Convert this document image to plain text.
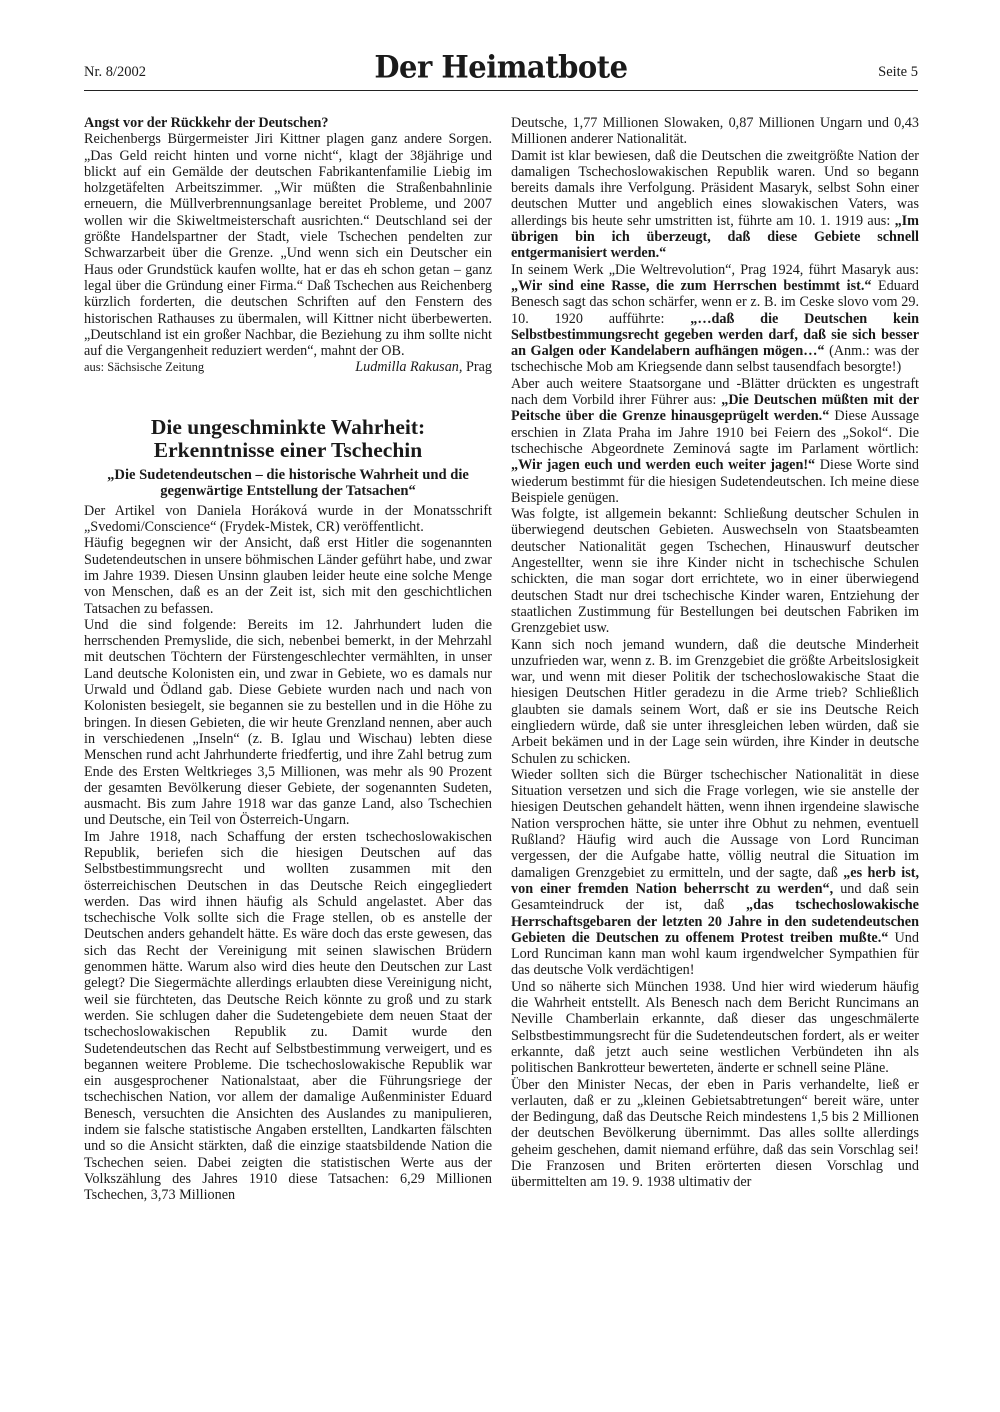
Nr. 8/2002	Der Heimatbote	Seite 5

Angst vor der Rückkehr der Deutschen?

Reichenbergs Bürgermeister Jiri Kittner plagen ganz andere Sorgen. „Das Geld reicht hinten und vorne nicht“, klagt der 38jährige und blickt auf ein Gemälde der deutschen Fabrikantenfamilie Liebig im holzgetäfelten Arbeitszimmer. „Wir müßten die Straßenbahnlinie erneuern, die Müllverbrennungsanlage bereitet Probleme, und 2007 wollen wir die Skiweltmeisterschaft ausrichten.“ Deutschland sei der größte Handelspartner der Stadt, viele Tschechen pendelten zur Schwarzarbeit über die Grenze. „Und wenn sich ein Deutscher ein Haus oder Grundstück kaufen wollte, hat er das eh schon getan – ganz legal über die Gründung einer Firma.“ Daß Tschechen aus Reichenberg kürzlich forderten, die deutschen Schriften auf den Fenstern des historischen Rathauses zu übermalen, will Kittner nicht überbewerten. „Deutschland ist ein großer Nachbar, die Beziehung zu ihm sollte nicht auf die Vergangenheit reduziert werden“, mahnt der OB.

aus: Sächsische Zeitung	Ludmilla Rakusan, Prag
Die ungeschminkte Wahrheit:
Erkenntnisse einer Tschechin
„Die Sudetendeutschen – die historische Wahrheit und die gegenwärtige Entstellung der Tatsachen“

Der Artikel von Daniela Horáková wurde in der Monatsschrift „Svedomi/Conscience“ (Frydek-Mistek, CR) veröffentlicht.

Häufig begegnen wir der Ansicht, daß erst Hitler die sogenannten Sudetendeutschen in unsere böhmischen Länder geführt habe, und zwar im Jahre 1939. Diesen Unsinn glauben leider heute eine solche Menge von Menschen, daß es an der Zeit ist, sich mit den geschichtlichen Tatsachen zu befassen.

Und die sind folgende: Bereits im 12. Jahrhundert luden die herrschenden Premyslide, die sich, nebenbei bemerkt, in der Mehrzahl mit deutschen Töchtern der Fürstengeschlechter vermählten, in unser Land deutsche Kolonisten ein, und zwar in Gebiete, wo es damals nur Urwald und Ödland gab. Diese Gebiete wurden nach und nach von Kolonisten besiegelt, sie begannen sie zu bestellen und in die Höhe zu bringen. In diesen Gebieten, die wir heute Grenzland nennen, aber auch in verschiedenen „Inseln“ (z. B. Iglau und Wischau) lebten diese Menschen rund acht Jahrhunderte friedfertig, und ihre Zahl betrug zum Ende des Ersten Weltkrieges 3,5 Millionen, was mehr als 90 Prozent der gesamten Bevölkerung dieser Gebiete, der sogenannten Sudeten, ausmacht. Bis zum Jahre 1918 war das ganze Land, also Tschechien und Deutsche, ein Teil von Österreich-Ungarn.

Im Jahre 1918, nach Schaffung der ersten tschechoslowakischen Republik, beriefen sich die hiesigen Deutschen auf das Selbstbestimmungsrecht und wollten zusammen mit den österreichischen Deutschen in das Deutsche Reich eingegliedert werden. Das wird ihnen häufig als Schuld angelastet. Aber das tschechische Volk sollte sich die Frage stellen, ob es anstelle der Deutschen anders gehandelt hätte. Es wäre doch das erste gewesen, das sich das Recht der Vereinigung mit seinen slawischen Brüdern genommen hätte. Warum also wird dies heute den Deutschen zur Last gelegt? Die Siegermächte allerdings erlaubten diese Vereinigung nicht, weil sie fürchteten, das Deutsche Reich könnte zu groß und zu stark werden. Sie schlugen daher die Sudetengebiete dem neuen Staat der tschechoslowakischen Republik zu. Damit wurde den Sudetendeutschen das Recht auf Selbstbestimmung verweigert, und es begannen weitere Probleme. Die tschechoslowakische Republik war ein ausgesprochener Nationalstaat, aber die Führungsriege der tschechischen Nation, vor allem der damalige Außenminister Eduard Benesch, versuchten die Ansichten des Auslandes zu manipulieren, indem sie falsche statistische Angaben erstellten, Landkarten fälschten und so die Ansicht stärkten, daß die einzige staatsbildende Nation die Tschechen seien. Dabei zeigten die statistischen Werte aus der Volkszählung des Jahres 1910 diese Tatsachen: 6,29 Millionen Tschechen, 3,73 Millionen

Deutsche, 1,77 Millionen Slowaken, 0,87 Millionen Ungarn und 0,43 Millionen anderer Nationalität.

Damit ist klar bewiesen, daß die Deutschen die zweitgrößte Nation der damaligen Tschechoslowakischen Republik waren. Und so begann bereits damals ihre Verfolgung. Präsident Masaryk, selbst Sohn einer deutschen Mutter und angeblich eines slowakischen Vaters, was allerdings bis heute sehr umstritten ist, führte am 10. 1. 1919 aus: „Im übrigen bin ich überzeugt, daß diese Gebiete schnell entgermanisiert werden.“

In seinem Werk „Die Weltrevolution“, Prag 1924, führt Masaryk aus: „Wir sind eine Rasse, die zum Herrschen bestimmt ist.“ Eduard Benesch sagt das schon schärfer, wenn er z. B. im Ceske slovo vom 29. 10. 1920 aufführte: „…daß die Deutschen kein Selbstbestimmungsrecht gegeben werden darf, daß sie sich besser an Galgen oder Kandelabern aufhängen mögen…“ (Anm.: was der tschechische Mob am Kriegsende dann selbst tausendfach besorgte!)

Aber auch weitere Staatsorgane und -Blätter drückten es ungestraft nach dem Vorbild ihrer Führer aus: „Die Deutschen müßten mit der Peitsche über die Grenze hinausgeprügelt werden.“ Diese Aussage erschien in Zlata Praha im Jahre 1910 bei Feiern des „Sokol“. Die tschechische Abgeordnete Zeminová sagte im Parlament wörtlich: „Wir jagen euch und werden euch weiter jagen!“ Diese Worte sind wiederum bestimmt für die hiesigen Sudetendeutschen. Ich meine diese Beispiele genügen.

Was folgte, ist allgemein bekannt: Schließung deutscher Schulen in überwiegend deutschen Gebieten. Auswechseln von Staatsbeamten deutscher Nationalität gegen Tschechen, Hinauswurf deutscher Angestellter, wenn sie ihre Kinder nicht in tschechische Schulen schickten, die man sogar dort errichtete, wo in einer überwiegend deutschen Stadt nur drei tschechische Kinder waren, Entziehung der staatlichen Zustimmung für Bestellungen bei deutschen Fabriken im Grenzgebiet usw.

Kann sich noch jemand wundern, daß die deutsche Minderheit unzufrieden war, wenn z. B. im Grenzgebiet die größte Arbeitslosigkeit war, und wenn mit dieser Politik der tschechoslowakische Staat die hiesigen Deutschen Hitler geradezu in die Arme trieb? Schließlich glaubten sie damals seinem Wort, daß er sie ins Deutsche Reich eingliedern würde, daß sie unter ihresgleichen leben würden, daß sie Arbeit bekämen und in der Lage sein würden, ihre Kinder in deutsche Schulen zu schicken.

Wieder sollten sich die Bürger tschechischer Nationalität in diese Situation versetzen und sich die Frage vorlegen, wie sie anstelle der hiesigen Deutschen gehandelt hätten, wenn ihnen irgendeine slawische Nation versprochen hätte, sie unter ihre Obhut zu nehmen, eventuell Rußland? Häufig wird auch die Aussage von Lord Runciman vergessen, der die Aufgabe hatte, völlig neutral die Situation im damaligen Grenzgebiet zu ermitteln, und der sagte, daß „es herb ist, von einer fremden Nation beherrscht zu werden“, und daß sein Gesamteindruck der ist, daß „das tschechoslowakische Herrschaftsgebaren der letzten 20 Jahre in den sudetendeutschen Gebieten die Deutschen zu offenem Protest treiben mußte.“ Und Lord Runciman kann man wohl kaum irgendwelcher Sympathien für das deutsche Volk verdächtigen!

Und so näherte sich München 1938. Und hier wird wiederum häufig die Wahrheit entstellt. Als Benesch nach dem Bericht Runcimans an Neville Chamberlain erkannte, daß dieser das ungeschmälerte Selbstbestimmungsrecht für die Sudetendeutschen fordert, als er weiter erkannte, daß jetzt auch seine westlichen Verbündeten ihn als politischen Bankrotteur bewerteten, änderte er schnell seine Pläne.

Über den Minister Necas, der eben in Paris verhandelte, ließ er verlauten, daß er zu „kleinen Gebietsabtretungen“ bereit wäre, unter der Bedingung, daß das Deutsche Reich mindestens 1,5 bis 2 Millionen der deutschen Bevölkerung übernimmt. Das alles sollte allerdings geheim geschehen, damit niemand erführe, daß das sein Vorschlag sei! Die Franzosen und Briten erörterten diesen Vorschlag und übermittelten am 19. 9. 1938 ultimativ der
